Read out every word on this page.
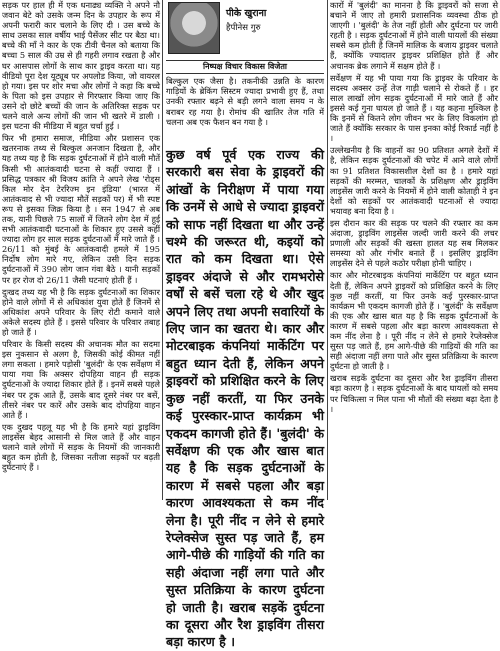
सड़क पर हाल ही में एक धनाढ्य व्यक्ति ने अपने नौ जवान बेटे को उसके जन्म दिन के उपहार के रूप में अपनी फरारी कार चलाने के लिए दी । उस बच्चे के साथ उसका साल वर्षीय भाई पैसेंजर सीट पर बैठा था। बच्चे की माँ ने कार के एक टीवी चैनल को बताया कि बच्चा 5 साल की उम्र से ही गहरी लगाव रखता है और घर आसपास लोगों के साथ कार ड्राइव करता था। यह वीडियो पूरा देश यूट्यूब पर अपलोड किया, जो वायरल हो गया। इस पर शोर मचा और लोगों ने कहा कि बच्चे के पिता को इस उपहार से गिरफ्तार किया जाए कि उसने दो छोटे बच्चों की जान के अतिरिक्त सड़क पर चलने वाले अन्य लोगों की जान भी खतरे में डाली । इस घटना की मीडिया में बहुत चर्चा हुई ।

फिर भी हमारा समाज, मीडिया और प्रशासन एक खतरनाक तथ्य से बिल्कुल अनजान दिखता है, और यह तथ्य यह है कि सड़क दुर्घटनाओं में होने वाली मौतें किसी भी आतंकवादी घटना से कहीं ज्यादा हैं । प्रसिद्ध पत्रकार श्री विजय क्रांति ने अपने लेख 'रोड्स किल मोर देन टेररिज्म इन इंडिया' (भारत में आतंकवाद से भी ज्यादा मौतें सड़कों पर) में भी स्पष्ट रूप से इसका जिक्र किया है । सन 1947 से अब तक, यानी पिछले 75 सालों में जितने लोग देश में हुई सभी आतंकवादी घटनाओं के शिकार हुए उससे कहीं ज्यादा लोग हर साल सड़क दुर्घटनाओं में मारे जाते हैं । 26/11 को मुंबई के आतंकवादी हमले में 195 निर्दोष लोग मारे गए, लेकिन उसी दिन सड़क दुर्घटनाओं में 390 लोग जान गंवा बैठे । यानी सड़कों पर हर रोज दो 26/11 जैसी घटनाएं होती हैं ।

दुःखद तथ्य यह भी है कि सड़क दुर्घटनाओं का शिकार होने वाले लोगों में से अधिकांश युवा होते हैं जिनमें से अधिकांश अपने परिवार के लिए रोटी कमाने वाले अकेले सदस्य होते हैं । इससे परिवार के परिवार तबाह हो जाते हैं ।

परिवार के किसी सदस्य की अचानक मौत का सदमा इस नुकसान से अलग है, जिसकी कोई कीमत नहीं लगा सकता । हमारे पड़ोसी 'बुलंदी' के एक सर्वेक्षण में पाया गया कि अक्सर दोपहिया वाहन ही सड़क दुर्घटनाओं के ज्यादा शिकार होते हैं । इनमें सबसे पहले नंबर पर ट्रक आते हैं, उसके बाद दूसरे नंबर पर बसें, तीसरे नंबर पर कारें और उसके बाद दोपहिया वाहन आते हैं ।

एक दुखद पहलू यह भी है कि हमारे यहां ड्राइविंग लाइसेंस बेहद आसानी से मिल जाते हैं और वाहन चलाने वाले लोगों में सड़क के नियमों की जानकारी बहुत कम होती है, जिसका नतीजा सड़कों पर बढ़ती दुर्घटनाएं हैं ।

पीके खुराना
हैपीनेस गुरु
निष्पक्ष विचार विकास विजेता
बिल्कुल एक जैसा है। तकनीकी उन्नति के कारण गाड़ियों के ब्रेकिंग सिस्टम ज्यादा प्रभावी हुए हैं, तथा उनकी रफ्तार बढ़ने से बड़ी लगने वाला समय न के बराबर रह गया है। रोमांच की खातिर तेज गति में चलना अब एक फैशन बन गया है ।
कुछ वर्ष पूर्व एक राज्य की सरकारी बस सेवा के ड्राइवरों की आंखों के निरीक्षण में पाया गया कि उनमें से आधे से ज्यादा ड्राइवरों को साफ नहीं दिखता था और उन्हें चश्मे की जरूरत थी, कइयों को रात को कम दिखता था। ऐसे ड्राइवर अंदाजे से और रामभरोसे वर्षों से बसें चला रहे थे और खुद अपने लिए तथा अपनी सवारियों के लिए जान का खतरा थे। कार और मोटरबाइक कंपनियां मार्केटिंग पर बहुत ध्यान देती हैं, लेकिन अपने ड्राइवरों को प्रशिक्षित करने के लिए कुछ नहीं करतीं, या फिर उनके कई पुरस्कार-प्राप्त कार्यक्रम भी एकदम कागजी होते हैं। 'बुलंदी' के सर्वेक्षण की एक और खास बात यह है कि सड़क दुर्घटनाओं के कारण में सबसे पहला और बड़ा कारण आवश्यकता से कम नींद लेना है। पूरी नींद न लेने से हमारे रेप्लेक्सेज सुस्त पड़ जाते हैं, हम आगे-पीछे की गाड़ियों की गति का सही अंदाजा नहीं लगा पाते और सुस्त प्रतिक्रिया के कारण दुर्घटना हो जाती है। खराब सड़कें दुर्घटना का दूसरा और रैश ड्राइविंग तीसरा बड़ा कारण है ।

कारों में 'बुलंदी' का मानना है कि ड्राइवरों को सजा से बचाने में जाए तो हमारी प्रशासनिक व्यवस्था ठीक हो जाएगी । 'बुलंदी' के तेज नहीं होती और दुर्घटना पर जारी रहती है । सड़क दुर्घटनाओं में होने वाली घायलों की संख्या सबसे कम होती है जिनमें मालिक के बजाय ड्राइवर चलाते हैं, क्योंकि ज्यादातर ड्राइवर प्रशिक्षित होते हैं और अचानक ब्रेक लगाने में सक्षम होते हैं ।

सर्वेक्षण में यह भी पाया गया कि ड्राइवर के परिवार के सदस्य अक्सर उन्हें तेज गाड़ी चलाने से रोकते हैं । हर साल लाखों लोग सड़क दुर्घटनाओं में मारे जाते हैं और इससे कई गुना घायल हो जाते हैं । यह कहना मुश्किल है कि इनमें से कितने लोग जीवन भर के लिए विकलांग हो जाते हैं क्योंकि सरकार के पास इनका कोई रिकार्ड नहीं है ।

उल्लेखनीय है कि वाहनों का 90 प्रतिशत अगले देशों में है, लेकिन सड़क दुर्घटनाओं की चपेट में आने वाले लोगों का 91 प्रतिशत विकासशील देशों का है । हमारे यहां सड़कों की मरम्मत, चालकों के प्रशिक्षण और ड्राइविंग लाइसेंस जारी करने के नियमों में होने वाली कोताही ने इन देशों को सड़कों पर आतंकवादी घटनाओं से ज्यादा भयावह बना दिया है ।

इस दौरान कार की सड़क पर चलने की रफ्तार का कम अंदाजा, ड्राइविंग लाइसेंस जल्दी जारी करने की लचर प्रणाली और सड़कों की खस्ता हालत यह सब मिलकर समस्या को और गंभीर बनाते हैं । इसलिए ड्राइविंग लाइसेंस देने से पहले कठोर परीक्षा होनी चाहिए ।

कार और मोटरबाइक कंपनियां मार्केटिंग पर बहुत ध्यान देती हैं, लेकिन अपने ड्राइवरों को प्रशिक्षित करने के लिए कुछ नहीं करतीं, या फिर उनके कई पुरस्कार-प्राप्त कार्यक्रम भी एकदम कागजी होते हैं । 'बुलंदी' के सर्वेक्षण की एक और खास बात यह है कि सड़क दुर्घटनाओं के कारण में सबसे पहला और बड़ा कारण आवश्यकता से कम नींद लेना है । पूरी नींद न लेने से हमारे रेप्लेक्सेज सुस्त पड़ जाते हैं, हम आगे-पीछे की गाड़ियों की गति का सही अंदाजा नहीं लगा पाते और सुस्त प्रतिक्रिया के कारण दुर्घटना हो जाती है ।

खराब सड़कें दुर्घटना का दूसरा और रैश ड्राइविंग तीसरा बड़ा कारण है । सड़क दुर्घटनाओं के बाद घायलों को समय पर चिकित्सा न मिल पाना भी मौतों की संख्या बढ़ा देता है ।
